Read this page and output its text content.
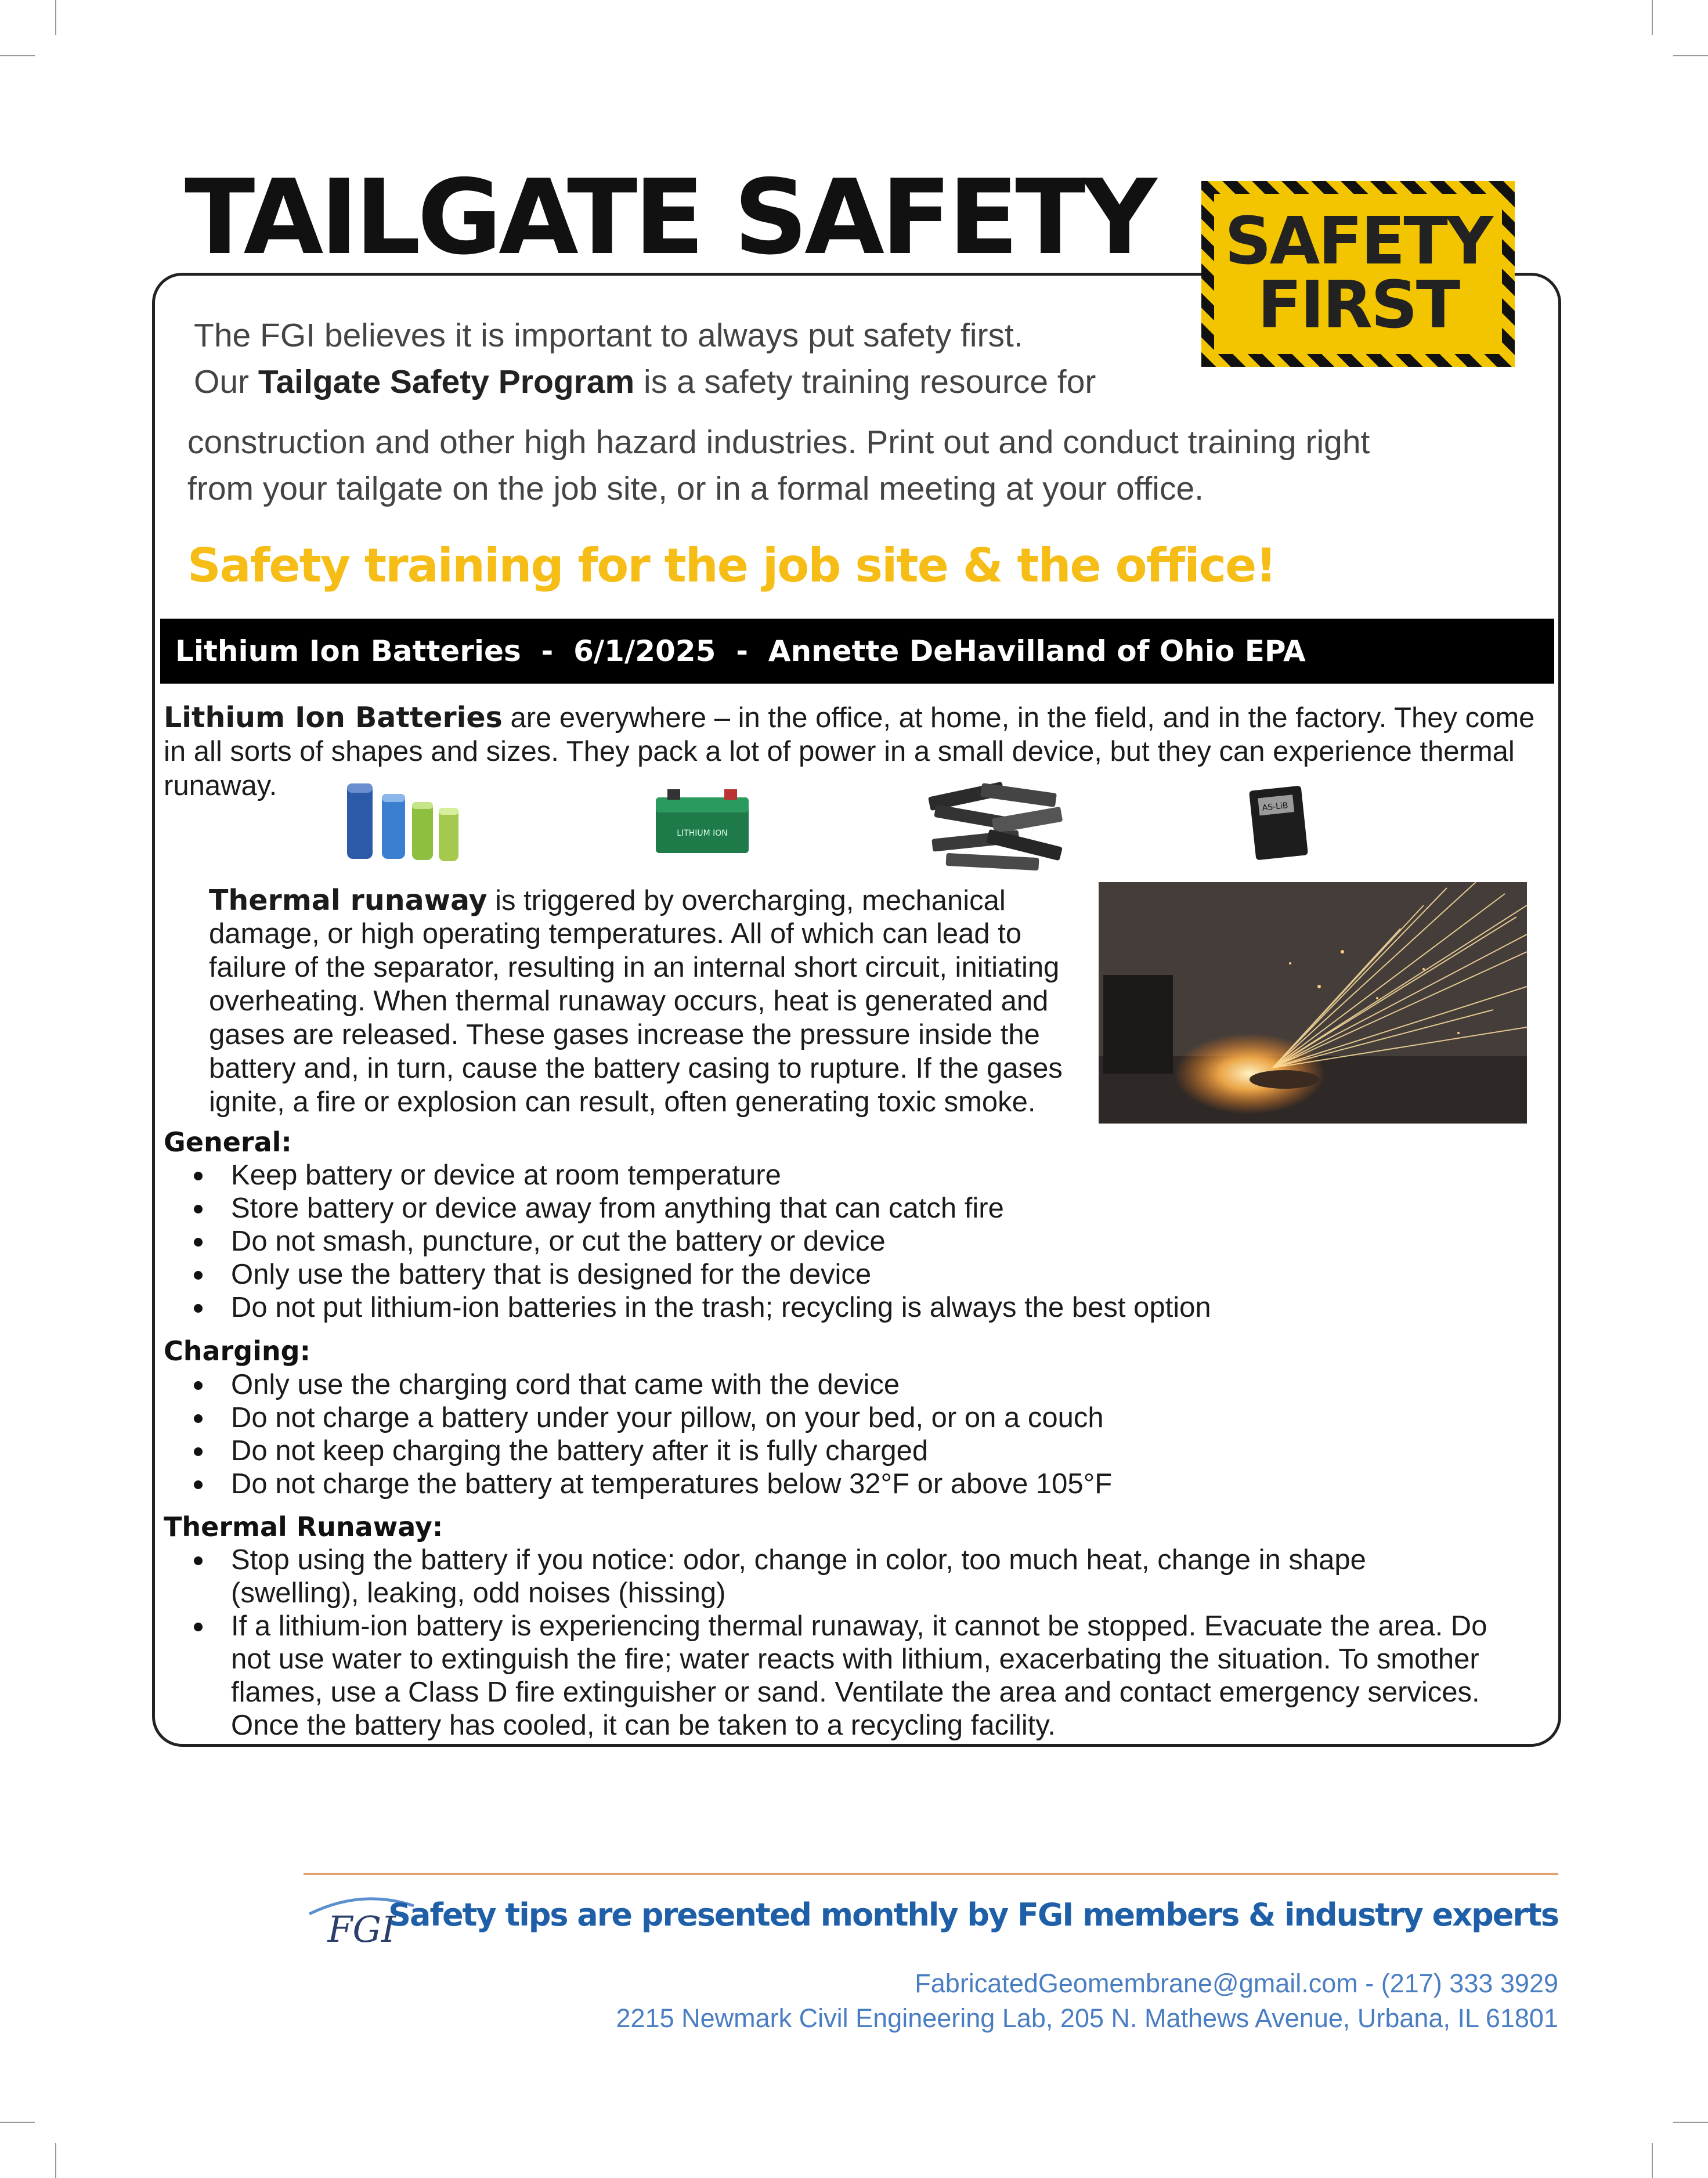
TAILGATE SAFETY SAFETY
FIRST

The FGI believes it is important to always put safety first.

Our Tailgate Safety Program is a safety training resource for

construction and other high hazard industries. Print out and conduct training right

from your tailgate on the job site, or in a formal meeting at your office.

Safety training for the job site & the office!

Lithium Ion Batteries - 6/1/2025 - Annette DeHavilland of Ohio EPA

Lithium Ion Batteries are everywhere – in the office, at home, in the field, and in the factory. They come

in all sorts of shapes and sizes. They pack a lot of power in a small device, but they can experience thermal

runaway.

LITHIUM ION
AS-LiB

Thermal runaway is triggered by overcharging, mechanical

damage, or high operating temperatures. All of which can lead to

failure of the separator, resulting in an internal short circuit, initiating

overheating. When thermal runaway occurs, heat is generated and

gases are released. These gases increase the pressure inside the

battery and, in turn, cause the battery casing to rupture. If the gases

ignite, a fire or explosion can result, often generating toxic smoke.

General:

Keep battery or device at room temperature
Store battery or device away from anything that can catch fire
Do not smash, puncture, or cut the battery or device
Only use the battery that is designed for the device
Do not put lithium-ion batteries in the trash; recycling is always the best option

Charging:

Only use the charging cord that came with the device
Do not charge a battery under your pillow, on your bed, or on a couch
Do not keep charging the battery after it is fully charged
Do not charge the battery at temperatures below 32°F or above 105°F

Thermal Runaway:

Stop using the battery if you notice: odor, change in color, too much heat, change in shape
(swelling), leaking, odd noises (hissing)
If a lithium-ion battery is experiencing thermal runaway, it cannot be stopped. Evacuate the area. Do
not use water to extinguish the fire; water reacts with lithium, exacerbating the situation. To smother
flames, use a Class D fire extinguisher or sand. Ventilate the area and contact emergency services.
Once the battery has cooled, it can be taken to a recycling facility.
FGI

Safety tips are presented monthly by FGI members & industry experts

FabricatedGeomembrane@gmail.com - (217) 333 3929

2215 Newmark Civil Engineering Lab, 205 N. Mathews Avenue, Urbana, IL 61801
